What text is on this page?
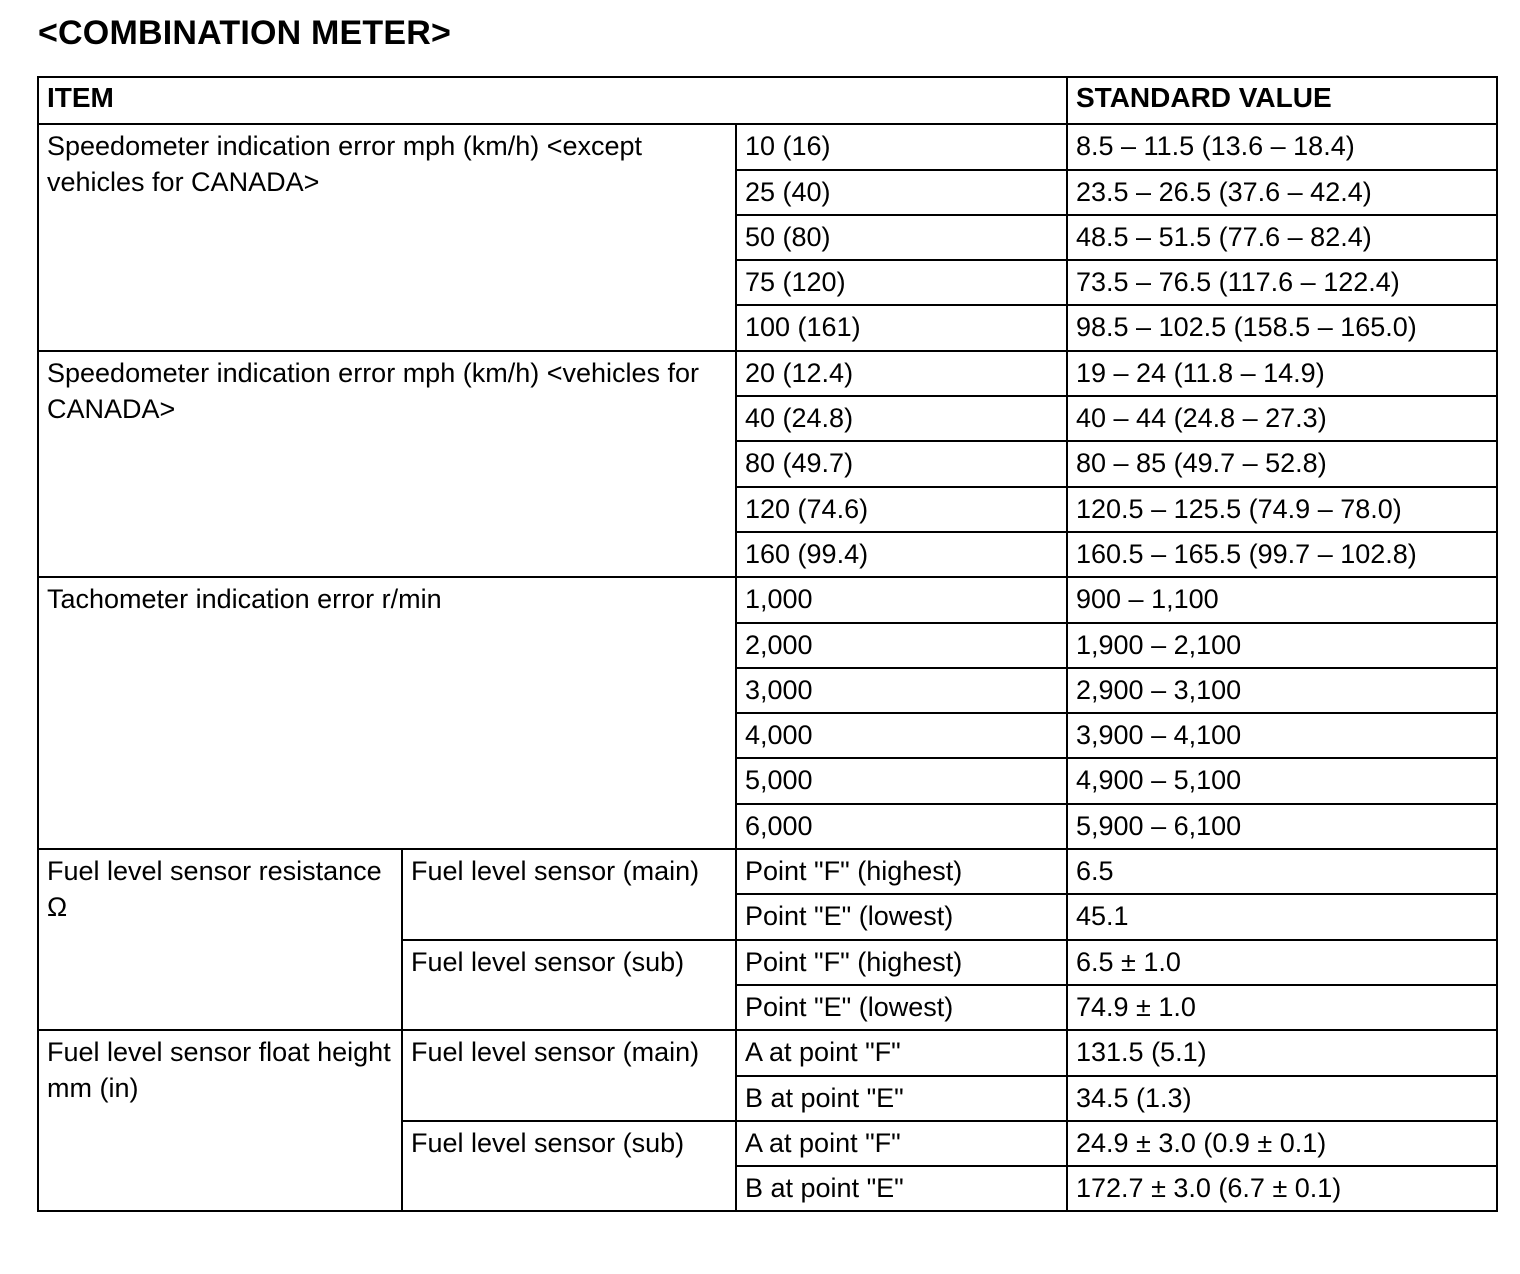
<COMBINATION METER>
ITEM			STANDARD VALUE

Speedometer indication error mph (km/h) <except vehicles for CANADA>		10 (16)	8.5 – 11.5 (13.6 – 18.4)

		25 (40)	23.5 – 26.5 (37.6 – 42.4)

		50 (80)	48.5 – 51.5 (77.6 – 82.4)

		75 (120)	73.5 – 76.5 (117.6 – 122.4)

		100 (161)	98.5 – 102.5 (158.5 – 165.0)

Speedometer indication error mph (km/h) <vehicles for CANADA>		20 (12.4)	19 – 24 (11.8 – 14.9)

		40 (24.8)	40 – 44 (24.8 – 27.3)

		80 (49.7)	80 – 85 (49.7 – 52.8)

		120 (74.6)	120.5 – 125.5 (74.9 – 78.0)

		160 (99.4)	160.5 – 165.5 (99.7 – 102.8)

Tachometer indication error r/min		1,000	900 – 1,100

		2,000	1,900 – 2,100

		3,000	2,900 – 3,100

		4,000	3,900 – 4,100

		5,000	4,900 – 5,100

		6,000	5,900 – 6,100

Fuel level sensor resistance Ω	Fuel level sensor (main)	Point "F" (highest)	6.5

		Point "E" (lowest)	45.1

	Fuel level sensor (sub)	Point "F" (highest)	6.5 ± 1.0

		Point "E" (lowest)	74.9 ± 1.0

Fuel level sensor float height mm (in)	Fuel level sensor (main)	A at point "F"	131.5 (5.1)

		B at point "E"	34.5 (1.3)

	Fuel level sensor (sub)	A at point "F"	24.9 ± 3.0 (0.9 ± 0.1)

		B at point "E"	172.7 ± 3.0 (6.7 ± 0.1)
